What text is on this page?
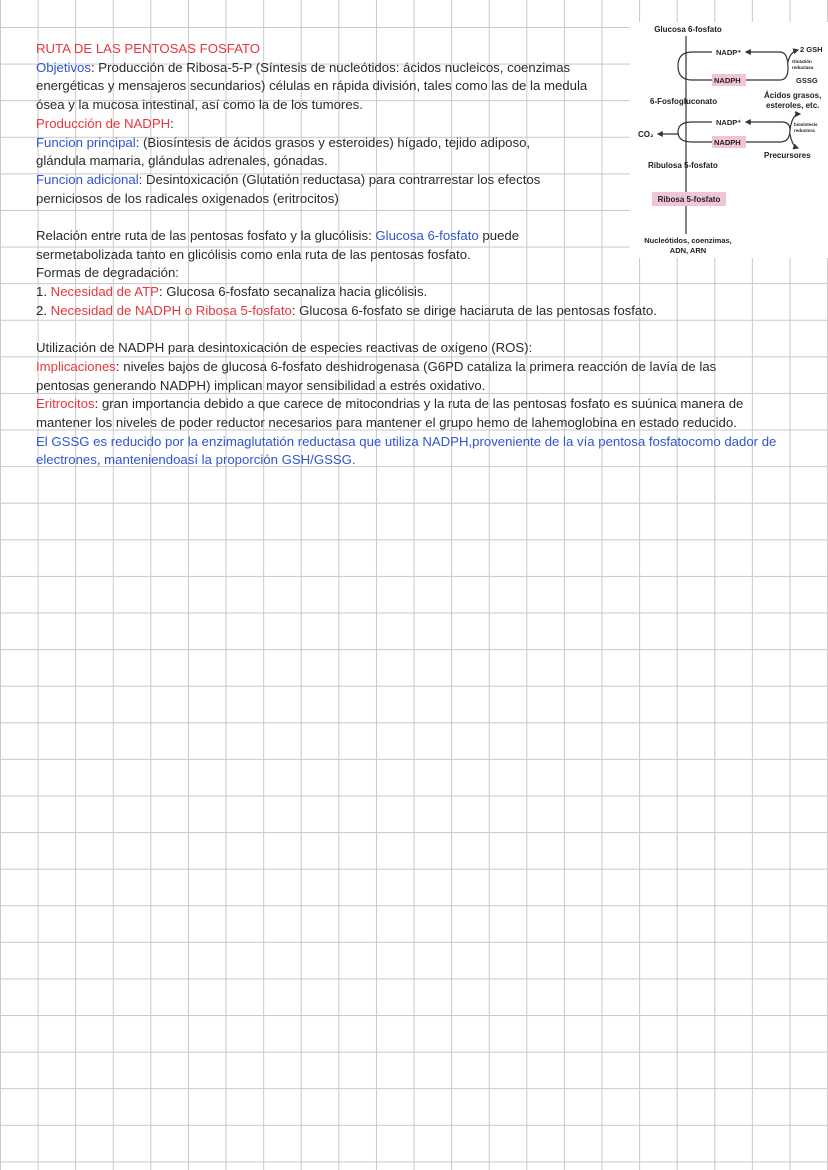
RUTA DE LAS PENTOSAS FOSFATO

Objetivos: Producción de Ribosa-5-P (Síntesis de nucleótidos: ácidos nucleicos, coenzimas energéticas y mensajeros secundarios) células en rápida división, tales como las de la medula ósea y la mucosa intestinal, así como la de los tumores.

Producción de NADPH:

Funcion principal: (Biosíntesis de ácidos grasos y esteroides) hígado, tejido adiposo, glándula mamaria, glándulas adrenales, gónadas.

Funcion adicional: Desintoxicación (Glutatión reductasa) para contrarrestar los efectos perniciosos de los radicales oxigenados (eritrocitos)

Relación entre ruta de las pentosas fosfato y la glucólisis: Glucosa 6-fosfato puede sermetabolizada tanto en glicólisis como enla ruta de las pentosas fosfato.

Formas de degradación:

1. Necesidad de ATP: Glucosa 6-fosfato secanaliza hacia glicólisis.

2. Necesidad de NADPH o Ribosa 5-fosfato: Glucosa 6-fosfato se dirige haciaruta de las pentosas fosfato.

Utilización de NADPH para desintoxicación de especies reactivas de oxígeno (ROS):

Implicaciones: niveles bajos de glucosa 6-fosfato deshidrogenasa (G6PD cataliza la primera reacción de lavía de las pentosas generando NADPH) implican mayor sensibilidad a estrés oxidativo.

Eritrocitos: gran importancia debido a que carece de mitocondrias y la ruta de las pentosas fosfato es suúnica manera de mantener los niveles de poder reductor necesarios para mantener el grupo hemo de lahemoglobina en estado reducido.

El GSSG es reducido por la enzimaglutatión reductasa que utiliza NADPH,proveniente de la vía pentosa fosfatocomo dador de electrones, manteniendoasí la proporción GSH/GSSG.

Glucosa 6-fosfato
NADP⁺	2 GSH
Glutatión
reductasa
NADPH	GSSG
6-Fosfogluconato
Ácidos grasos,
esteroles, etc.
NADP⁺	biosíntesis
reductora
CO₂
NADPH
Precursores
Ribulosa 5-fosfato
Ribosa 5-fosfato
Nucleótidos, coenzimas,
ADN, ARN
